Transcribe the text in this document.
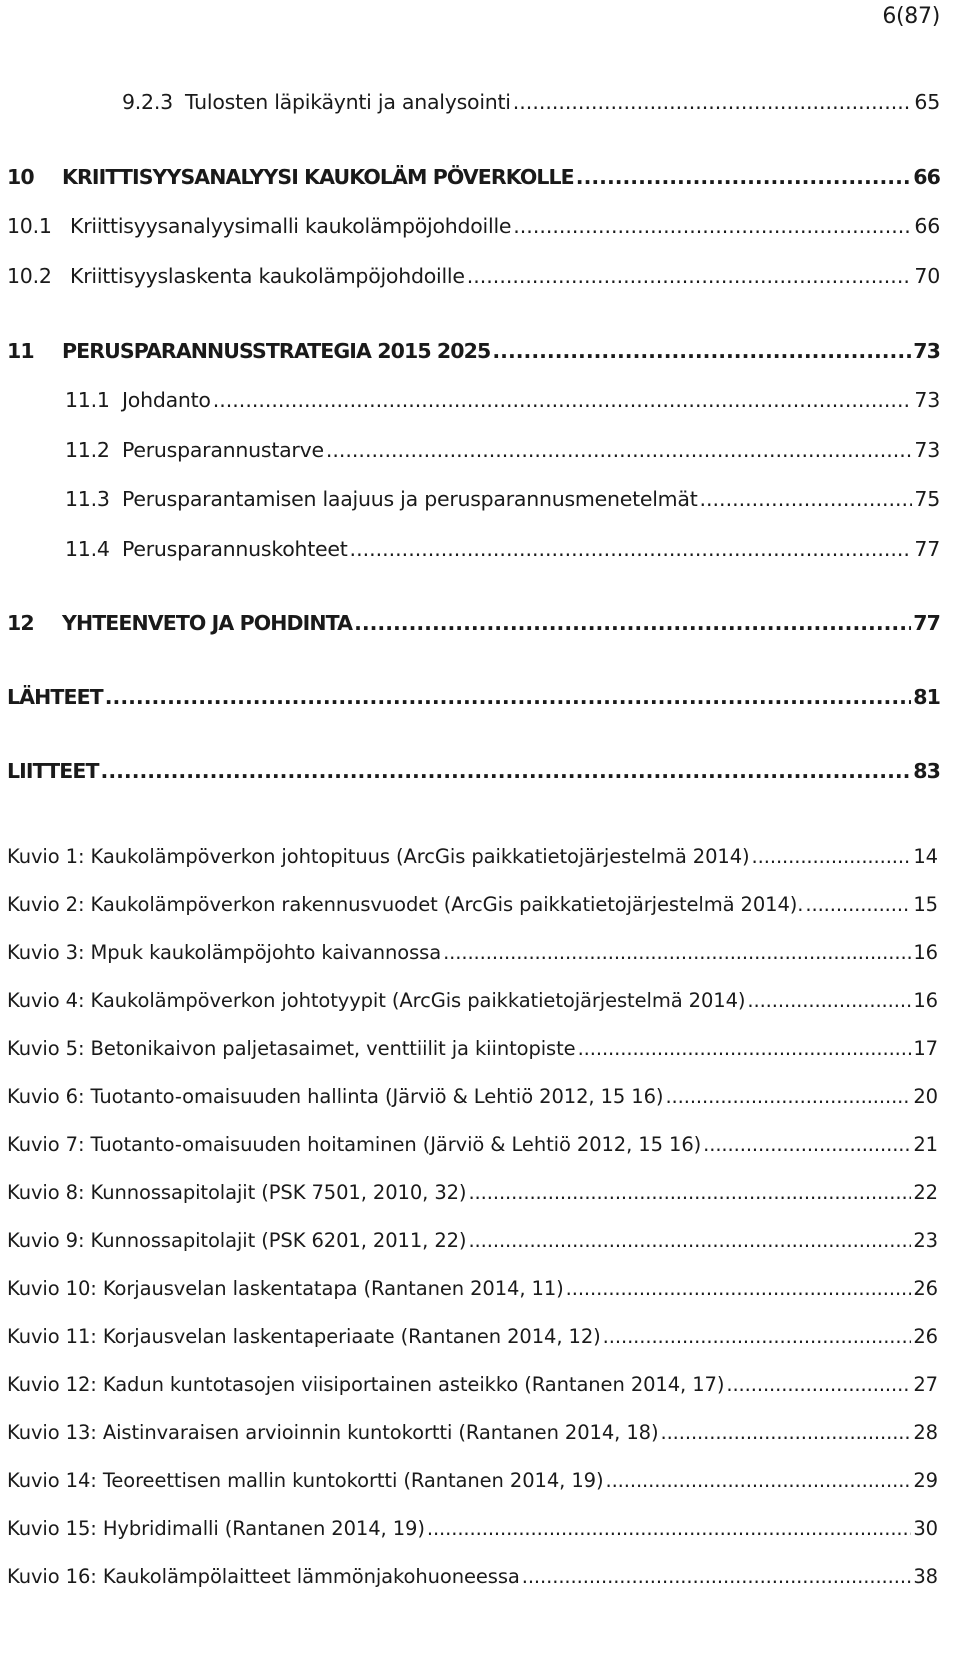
6(87)
9.2.3 Tulosten läpikäynti ja analysointi .....	65
10	KRIITTISYYSANALYYSI KAUKOLÄM PÖVERKOLLE .....	66
10.1 Kriittisyysanalyysimalli kaukolämpöjohdoille .....	66
10.2 Kriittisyyslaskenta kaukolämpöjohdoille .....	70
11	PERUSPARANNUSSTRATEGIA 2015 2025 .....	73
11.1 Johdanto .....	73
11.2 Perusparannustarve .....	73
11.3 Perusparantamisen laajuus ja perusparannusmenetelmät .....	75
11.4 Perusparannuskohteet .....	77
12	YHTEENVETO JA POHDINTA .....	77
LÄHTEET .....	81
LIITTEET .....	83
Kuvio 1: Kaukolämpöverkon johtopituus (ArcGis paikkatietojärjestelmä 2014) .....	14
Kuvio 2: Kaukolämpöverkon rakennusvuodet (ArcGis paikkatietojärjestelmä 2014). .....	15
Kuvio 3: Mpuk kaukolämpöjohto kaivannossa .....	16
Kuvio 4: Kaukolämpöverkon johtotyypit (ArcGis paikkatietojärjestelmä 2014) .....	16
Kuvio 5: Betonikaivon paljetasaimet, venttiilit ja kiintopiste .....	17
Kuvio 6: Tuotanto-omaisuuden hallinta (Järviö & Lehtiö 2012, 15 16) .....	20
Kuvio 7: Tuotanto-omaisuuden hoitaminen (Järviö & Lehtiö 2012, 15 16) .....	21
Kuvio 8: Kunnossapitolajit (PSK 7501, 2010, 32) .....	22
Kuvio 9: Kunnossapitolajit (PSK 6201, 2011, 22) .....	23
Kuvio 10: Korjausvelan laskentatapa (Rantanen 2014, 11) .....	26
Kuvio 11: Korjausvelan laskentaperiaate (Rantanen 2014, 12) .....	26
Kuvio 12: Kadun kuntotasojen viisiportainen asteikko (Rantanen 2014, 17) .....	27
Kuvio 13: Aistinvaraisen arvioinnin kuntokortti (Rantanen 2014, 18) .....	28
Kuvio 14: Teoreettisen mallin kuntokortti (Rantanen 2014, 19) .....	29
Kuvio 15: Hybridimalli (Rantanen 2014, 19) .....	30
Kuvio 16: Kaukolämpölaitteet lämmönjakohuoneessa .....	38
